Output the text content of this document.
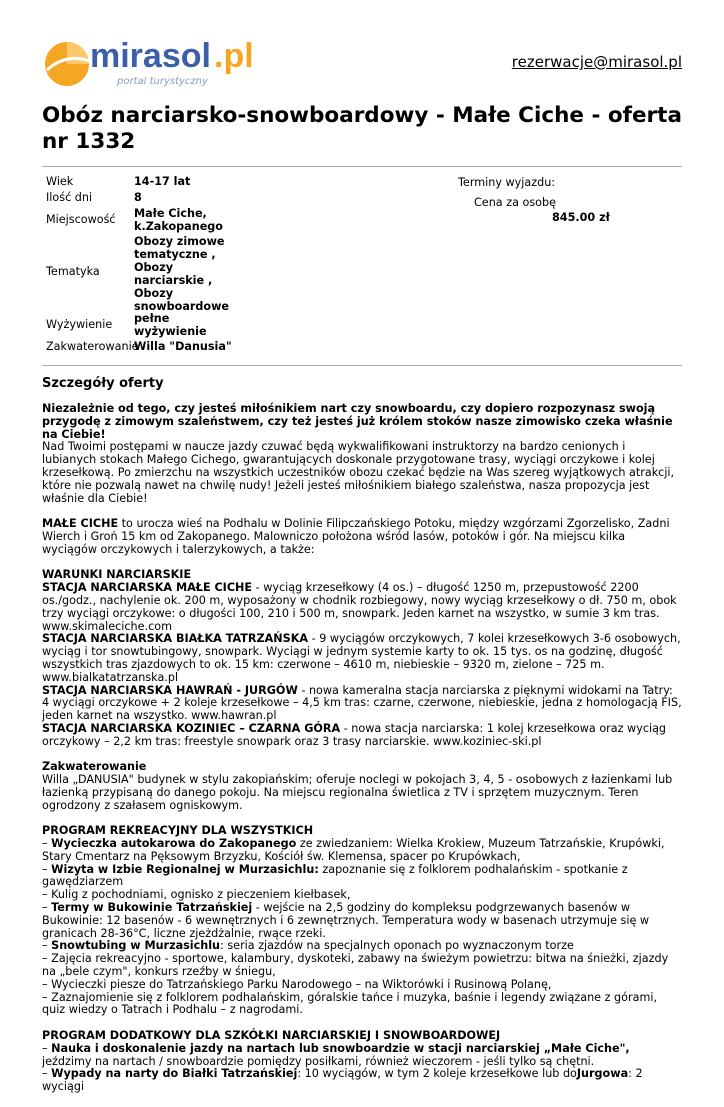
mirasol .pl
portal turystyczny
rezerwacje@mirasol.pl
Obóz narciarsko-snowboardowy - Małe Ciche - oferta nr 1332
Wiek	14-17 lat
Ilość dni	8
Miejscowość Małe Ciche, k.Zakopanego
Tematyka
Obozy zimowe tematyczne , Obozy narciarskie , Obozy snowboardowe
Wyżywienie pełne wyżywienie
Zakwaterowanie
Willa "Danusia"
Terminy wyjazdu:
Cena za osobę
845.00 zł
Szczegóły oferty

Niezależnie od tego, czy jesteś miłośnikiem nart czy snowboardu, czy dopiero rozpozynasz swoją przygodę z zimowym szaleństwem, czy też jesteś już królem stoków nasze zimowisko czeka właśnie na Ciebie!
Nad Twoimi postępami w naucze jazdy czuwać będą wykwalifikowani instruktorzy na bardzo cenionych i lubianych stokach Małego Cichego, gwarantujących doskonale przygotowane trasy, wyciągi orczykowe i kolej krzesełkową. Po zmierzchu na wszystkich uczestników obozu czekać będzie na Was szereg wyjątkowych atrakcji, które nie pozwalą nawet na chwilę nudy! Jeżeli jesteś miłośnikiem białego szaleństwa, nasza propozycja jest właśnie dla Ciebie!

MAŁE CICHE to urocza wieś na Podhalu w Dolinie Filipczańskiego Potoku, między wzgórzami Zgorzelisko, Zadni Wierch i Groń 15 km od Zakopanego. Malowniczo położona wśród lasów, potoków i gór. Na miejscu kilka wyciągów orczykowych i talerzykowych, a także:

WARUNKI NARCIARSKIE
STACJA NARCIARSKA MAŁE CICHE - wyciąg krzesełkowy (4 os.) – długość 1250 m, przepustowość 2200 os./godz., nachylenie ok. 200 m, wyposażony w chodnik rozbiegowy, nowy wyciąg krzesełkowy o dł. 750 m, obok trzy wyciągi orczykowe: o długości 100, 210 i 500 m, snowpark. Jeden karnet na wszystko, w sumie 3 km tras. www.skimaleciche.com
STACJA NARCIARSKA BIAŁKA TATRZAŃSKA - 9 wyciągów orczykowych, 7 kolei krzesełkowych 3-6 osobowych, wyciąg i tor snowtubingowy, snowpark. Wyciągi w jednym systemie karty to ok. 15 tys. os na godzinę, długość wszystkich tras zjazdowych to ok. 15 km: czerwone – 4610 m, niebieskie – 9320 m, zielone – 725 m. www.bialkatatrzanska.pl
STACJA NARCIARSKA HAWRAŃ - JURGÓW - nowa kameralna stacja narciarska z pięknymi widokami na Tatry: 4 wyciągi orczykowe + 2 koleje krzesełkowe – 4,5 km tras: czarne, czerwone, niebieskie, jedna z homologacją FIS, jeden karnet na wszystko. www.hawran.pl
STACJA NARCIARSKA KOZINIEC – CZARNA GÓRA - nowa stacja narciarska: 1 kolej krzesełkowa oraz wyciąg orczykowy – 2,2 km tras: freestyle snowpark oraz 3 trasy narciarskie. www.koziniec-ski.pl

Zakwaterowanie
Willa „DANUSIA" budynek w stylu zakopiańskim; oferuje noclegi w pokojach 3, 4, 5 - osobowych z łazienkami lub łazienką przypisaną do danego pokoju. Na miejscu regionalna świetlica z TV i sprzętem muzycznym. Teren ogrodzony z szałasem ogniskowym.

PROGRAM REKREACYJNY DLA WSZYSTKICH
– Wycieczka autokarowa do Zakopanego ze zwiedzaniem: Wielka Krokiew, Muzeum Tatrzańskie, Krupówki, Stary Cmentarz na Pęksowym Brzyzku, Kościół św. Klemensa, spacer po Krupówkach,
– Wizyta w Izbie Regionalnej w Murzasichlu: zapoznanie się z folklorem podhalańskim - spotkanie z gawędziarzem
– Kulig z pochodniami, ognisko z pieczeniem kiełbasek,
– Termy w Bukowinie Tatrzańskiej - wejście na 2,5 godziny do kompleksu podgrzewanych basenów w Bukowinie: 12 basenów - 6 wewnętrznych i 6 zewnętrznych. Temperatura wody w basenach utrzymuje się w granicach 28-36°C, liczne zjeżdżalnie, rwące rzeki.
– Snowtubing w Murzasichlu: seria zjazdów na specjalnych oponach po wyznaczonym torze
– Zajęcia rekreacyjno - sportowe, kalambury, dyskoteki, zabawy na świeżym powietrzu: bitwa na śnieżki, zjazdy na „bele czym", konkurs rzeźby w śniegu,
– Wycieczki piesze do Tatrzańskiego Parku Narodowego – na Wiktorówki i Rusinową Polanę,
– Zaznajomienie się z folklorem podhalańskim, góralskie tańce i muzyka, baśnie i legendy związane z górami, quiz wiedzy o Tatrach i Podhalu – z nagrodami.

PROGRAM DODATKOWY DLA SZKÓŁKI NARCIARSKIEJ I SNOWBOARDOWEJ
– Nauka i doskonalenie jazdy na nartach lub snowboardzie w stacji narciarskiej „Małe Ciche", jeździmy na nartach / snowboardzie pomiędzy posiłkami, również wieczorem - jeśli tylko są chętni.
– Wypady na narty do Białki Tatrzańskiej: 10 wyciągów, w tym 2 koleje krzesełkowe lub doJurgowa: 2 wyciągi
